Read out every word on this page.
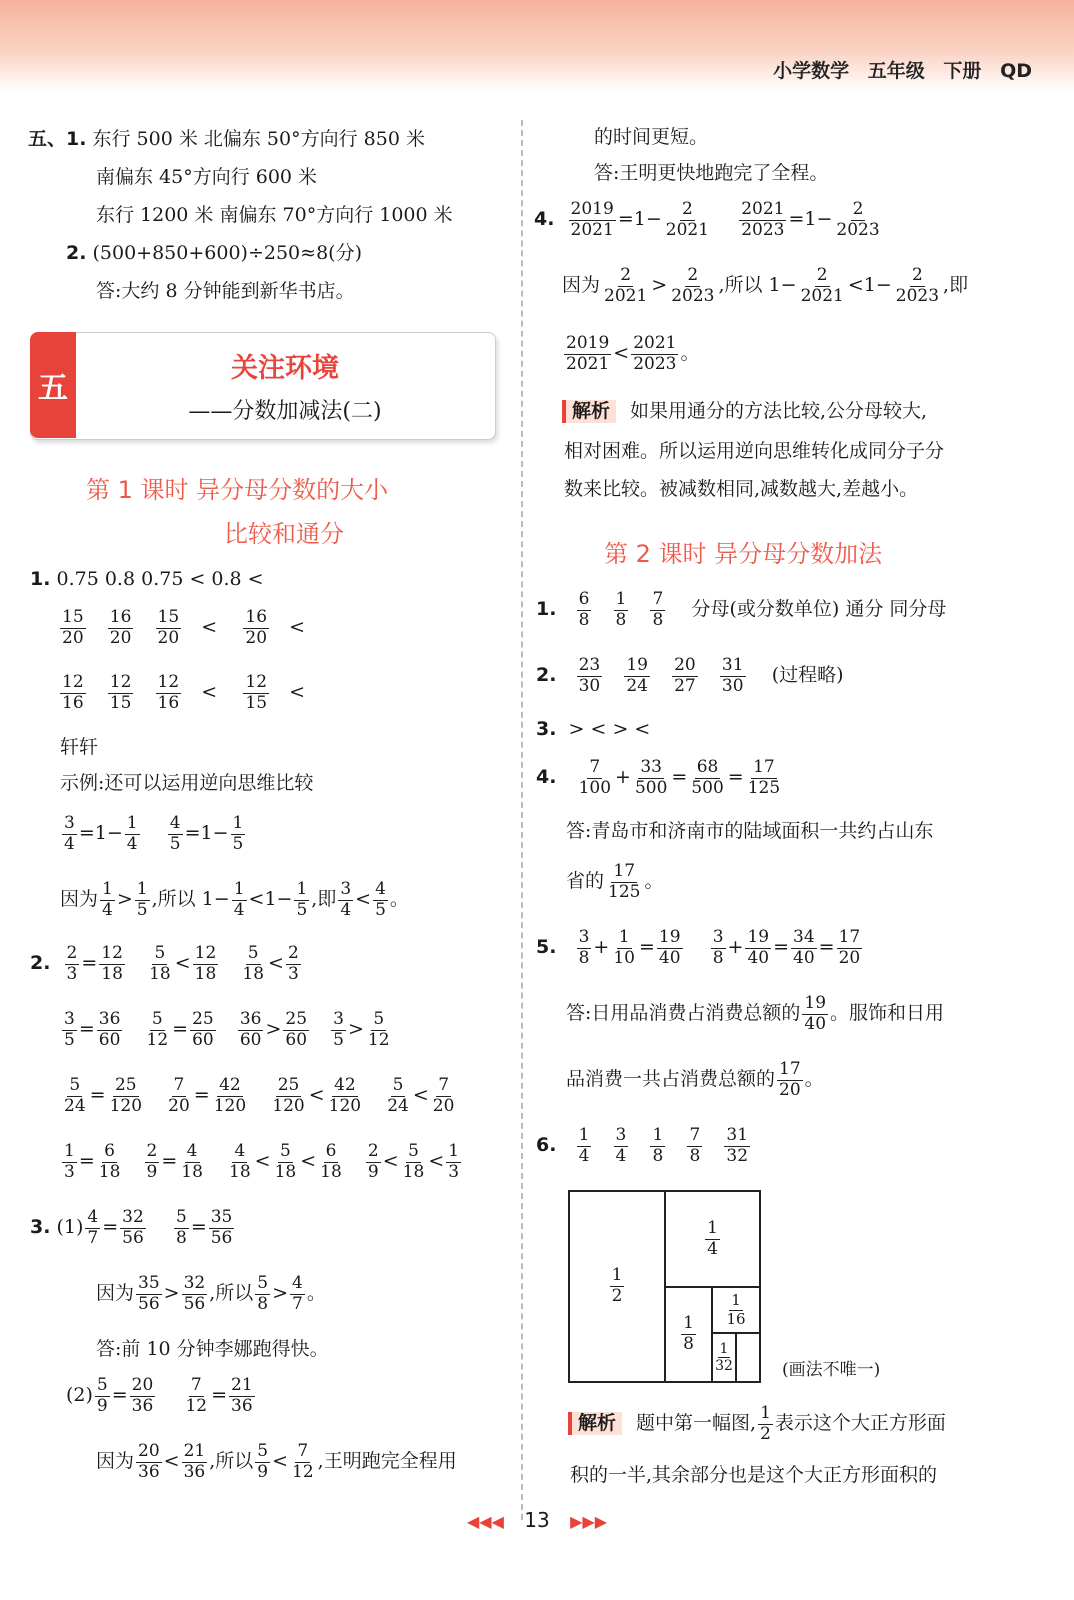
小学数学 五年级 下册 QD
五、1. 东行 500 米 北偏东 50°方向行 850 米
南偏东 45°方向行 600 米
东行 1200 米 南偏东 70°方向行 1000 米
2. (500+850+600)÷250≈8(分)
答:大约 8 分钟能到新华书店。
五
关注环境
——分数加减法(二)
第 1 课时 异分母分数的大小
比较和通分
1. 0.75 0.8 0.75 < 0.8 <
$\frac{15}{20}$
$\frac{16}{20}$
$\frac{15}{20} < \frac{16}{20}$ <
$\frac{12}{16}$
$\frac{12}{15}$
$\frac{12}{16} < \frac{12}{15}$ <
轩轩
示例:还可以运用逆向思维比较
$\frac{3}{4} =1- \frac{1}{4}$
$\frac{4}{5} =1- \frac{1}{5}$
因为 $\frac{1}{4} > \frac{1}{5}$ ,所以 $1- \frac{1}{4} <1- \frac{1}{5}$ ,即 $\frac{3}{4} < \frac{4}{5}$ 。
2. $\frac{2}{3} = \frac{12}{18}$
$\frac{5}{18} < \frac{12}{18}$
$\frac{5}{18} < \frac{2}{3}$
$\frac{3}{5} = \frac{36}{60}$
$\frac{5}{12} = \frac{25}{60}$
$\frac{36}{60} > \frac{25}{60}$
$\frac{3}{5} > \frac{5}{12}$
$\frac{5}{24} = \frac{25}{120}$
$\frac{7}{20} = \frac{42}{120}$
$\frac{25}{120} < \frac{42}{120}$
$\frac{5}{24} < \frac{7}{20}$
$\frac{1}{3} = \frac{6}{18}$
$\frac{2}{9} = \frac{4}{18}$
$\frac{4}{18} < \frac{5}{18} < \frac{6}{18}$
$\frac{2}{9} < \frac{5}{18} < \frac{1}{3}$
3. $(1) \frac{4}{7} = \frac{32}{56}$
$\frac{5}{8} = \frac{35}{56}$
因为 $\frac{35}{56} > \frac{32}{56}$ ,所以 $\frac{5}{8} > \frac{4}{7}$ 。
答:前 10 分钟李娜跑得快。
$(2) \frac{5}{9} = \frac{20}{36}$
$\frac{7}{12} = \frac{21}{36}$
因为 $\frac{20}{36} < \frac{21}{36}$ ,所以 $\frac{5}{9} < \frac{7}{12}$ ,王明跑完全程用
的时间更短。
答:王明更快地跑完了全程。
4. $\frac{2019}{2021} =1- \frac{2}{2021}$
$\frac{2021}{2023} =1- \frac{2}{2023}$
因为 $\frac{2}{2021} > \frac{2}{2023}$ ,所以 $1- \frac{2}{2021} <1- \frac{2}{2023}$ ,即
$\frac{2019}{2021} < \frac{2021}{2023}$ 。
解析 如果用通分的方法比较,公分母较大,
相对困难。所以运用逆向思维转化成同分子分
数来比较。被减数相同,减数越大,差越小。
第 2 课时 异分母分数加法
1. $\frac{6}{8}$
$\frac{1}{8}$
$\frac{7}{8}$ 分母(或分数单位) 通分 同分母
2. $\frac{23}{30}$
$\frac{19}{24}$
$\frac{20}{27}$
$\frac{31}{30}$ (过程略)
3. > < > <
4. $\frac{7}{100} + \frac{33}{500} = \frac{68}{500} = \frac{17}{125}$
答:青岛市和济南市的陆域面积一共约占山东
省的 $\frac{17}{125}$ 。
5. $\frac{3}{8} + \frac{1}{10} = \frac{19}{40}$
$\frac{3}{8} + \frac{19}{40} = \frac{34}{40} = \frac{17}{20}$
答:日用品消费占消费总额的 $\frac{19}{40}$ 。服饰和日用
品消费一共占消费总额的 $\frac{17}{20}$ 。
6. $\frac{1}{4}$
$\frac{3}{4}$
$\frac{1}{8}$
$\frac{7}{8}$
$\frac{31}{32}$
$\frac{1}{2}$
$\frac{1}{4}$
$\frac{1}{8}$
$\frac{1}{16}$
$\frac{1}{32}$	(画法不唯一)
解析 题中第一幅图, $\frac{1}{2}$ 表示这个大正方形面
积的一半,其余部分也是这个大正方形面积的
◀◀◀ 13 ▶▶▶
